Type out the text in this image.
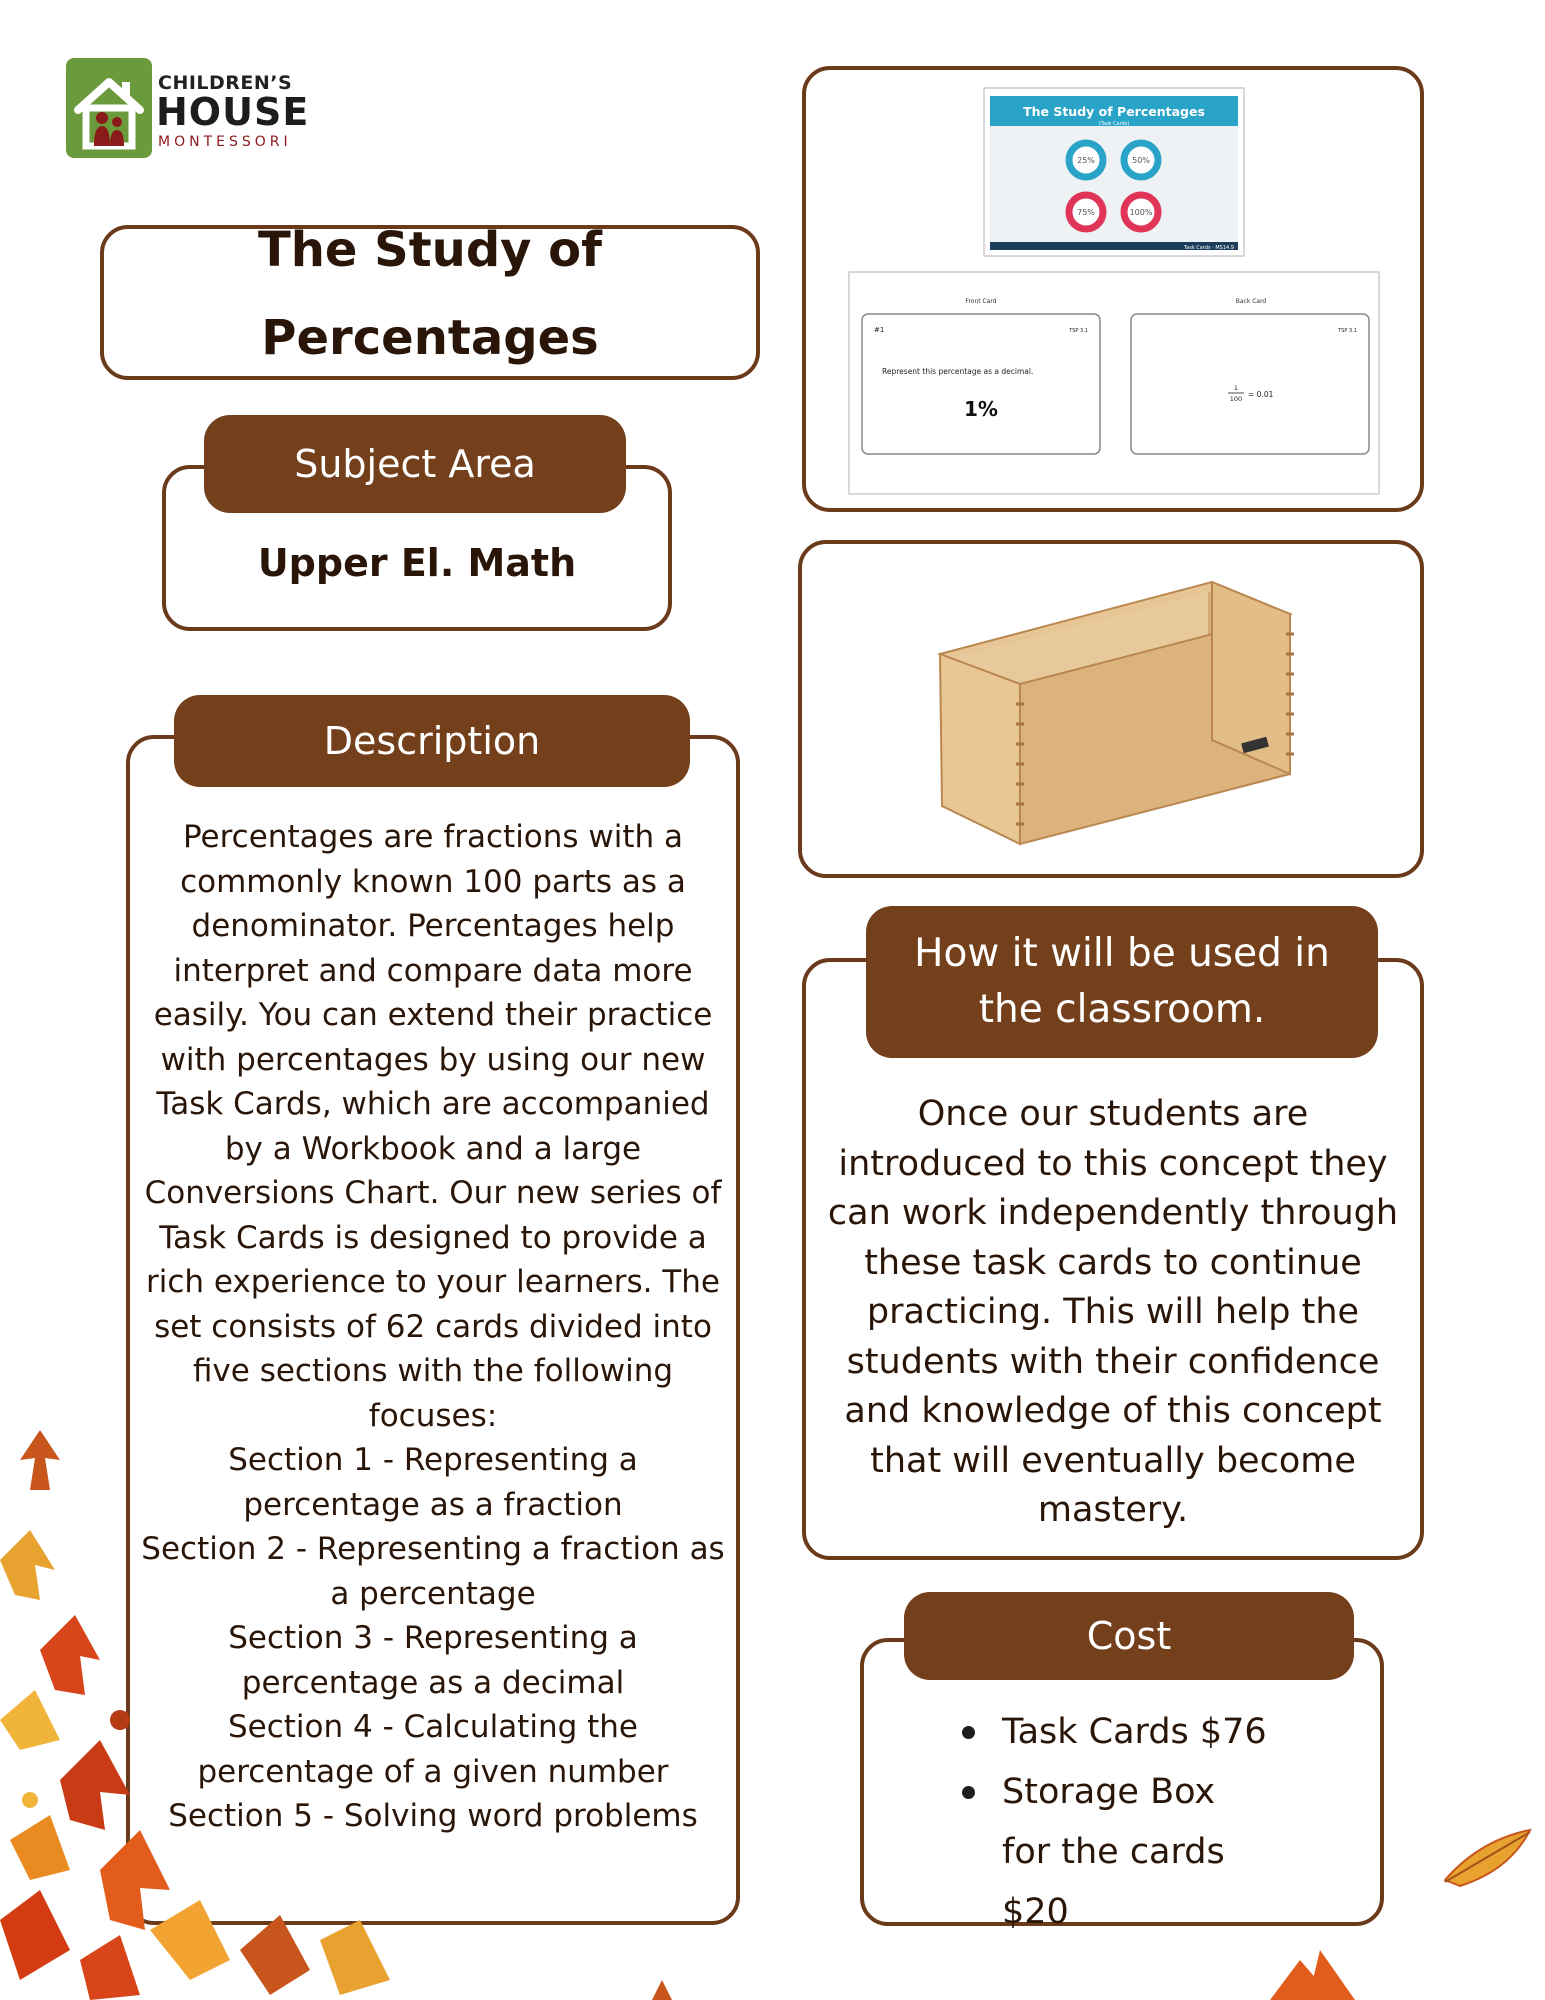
CHILDREN’S
HOUSE
MONTESSORI
The Study of Percentages
Upper El. Math
Subject Area

Percentages are fractions with a commonly known 100 parts as a denominator. Percentages help interpret and compare data more easily. You can extend their practice with percentages by using our new Task Cards, which are accompanied by a Workbook and a large Conversions Chart. Our new series of Task Cards is designed to provide a rich experience to your learners. The set consists of 62 cards divided into five sections with the following focuses:

Section 1 - Representing a percentage as a fraction

Section 2 - Representing a fraction as a percentage

Section 3 - Representing a percentage as a decimal

Section 4 - Calculating the percentage of a given number

Section 5 - Solving word problems

Description
The Study of Percentages
(Task Cards)
25%	50%
75%	100%
Task Cards · MS14.9
Front Card	Back Card
#1	TSP 3.1
Represent this percentage as a decimal.
1%
TSP 3.1
1
100 = 0.01
Once our students are introduced to this concept they can work independently through these task cards to continue practicing. This will help the students with their confidence and knowledge of this concept that will eventually become mastery.
How it will be used in
the classroom.
Task Cards $76
Storage Box for the cards $20
Cost
